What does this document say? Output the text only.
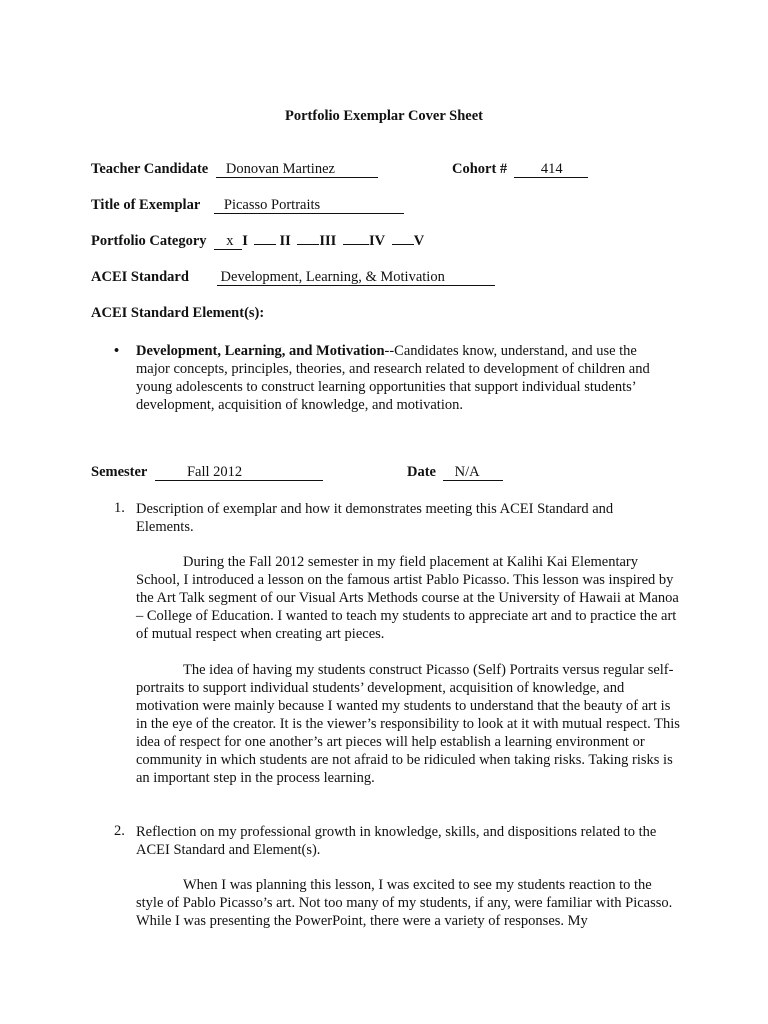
Portfolio Exemplar Cover Sheet
Teacher Candidate Donovan Martinez	Cohort # 414
Title of Exemplar Picasso Portraits
Portfolio Category x I II III IV V
ACEI Standard Development, Learning, & Motivation
ACEI Standard Element(s):
• Development, Learning, and Motivation--Candidates know, understand, and use the major concepts, principles, theories, and research related to development of children and young adolescents to construct learning opportunities that support individual students’ development, acquisition of knowledge, and motivation.
Semester	Fall 2012	Date N/A
1. Description of exemplar and how it demonstrates meeting this ACEI Standard and Elements.
During the Fall 2012 semester in my field placement at Kalihi Kai Elementary School, I introduced a lesson on the famous artist Pablo Picasso. This lesson was inspired by the Art Talk segment of our Visual Arts Methods course at the University of Hawaii at Manoa – College of Education. I wanted to teach my students to appreciate art and to practice the art of mutual respect when creating art pieces.
The idea of having my students construct Picasso (Self) Portraits versus regular self-portraits to support individual students’ development, acquisition of knowledge, and motivation were mainly because I wanted my students to understand that the beauty of art is in the eye of the creator. It is the viewer’s responsibility to look at it with mutual respect. This idea of respect for one another’s art pieces will help establish a learning environment or community in which students are not afraid to be ridiculed when taking risks. Taking risks is an important step in the process learning.
2. Reflection on my professional growth in knowledge, skills, and dispositions related to the ACEI Standard and Element(s).
When I was planning this lesson, I was excited to see my students reaction to the style of Pablo Picasso’s art. Not too many of my students, if any, were familiar with Picasso. While I was presenting the PowerPoint, there were a variety of responses. My
